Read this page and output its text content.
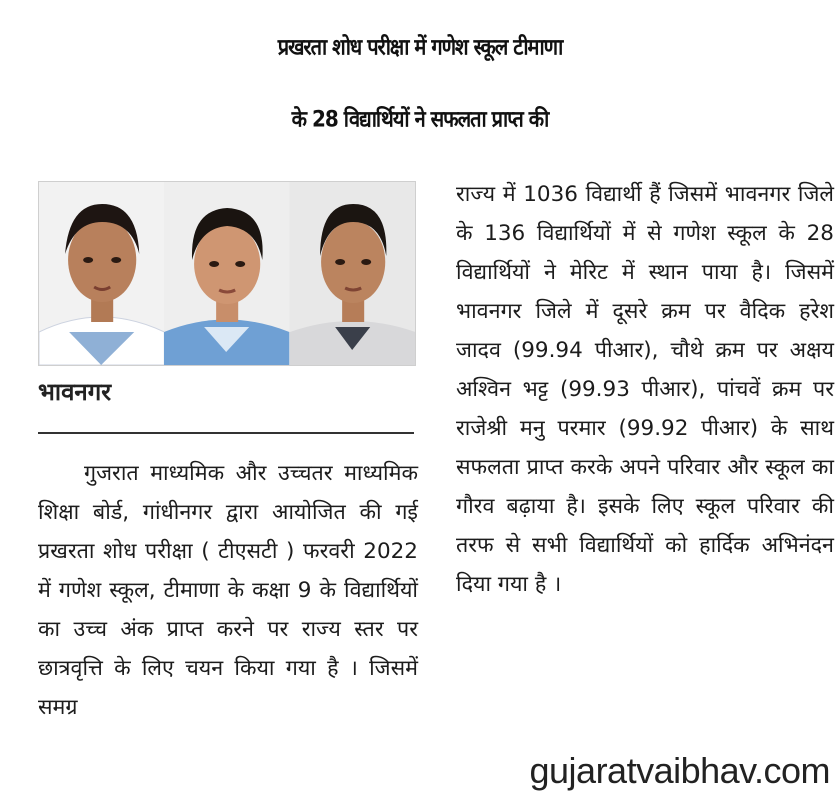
प्रखरता शोध परीक्षा में गणेश स्कूल टीमाणा
के 28 विद्यार्थियों ने सफलता प्राप्त की
भावनगर

गुजरात माध्यमिक और उच्चतर माध्यमिक शिक्षा बोर्ड, गांधीनगर द्वारा आयोजित की गई प्रखरता शोध परीक्षा ( टीएसटी ) फरवरी 2022 में गणेश स्कूल, टीमाणा के कक्षा 9 के विद्यार्थियों का उच्च अंक प्राप्त करने पर राज्य स्तर पर छात्रवृत्ति के लिए चयन किया गया है । जिसमें समग्र

राज्य में 1036 विद्यार्थी हैं जिसमें भावनगर जिले के 136 विद्यार्थियों में से गणेश स्कूल के 28 विद्यार्थियों ने मेरिट में स्थान पाया है। जिसमें भावनगर जिले में दूसरे क्रम पर वैदिक हरेश जादव (99.94 पीआर), चौथे क्रम पर अक्षय अश्विन भट्ट (99.93 पीआर), पांचवें क्रम पर राजेश्री मनु परमार (99.92 पीआर) के साथ सफलता प्राप्त करके अपने परिवार और स्कूल का गौरव बढ़ाया है। इसके लिए स्कूल परिवार की तरफ से सभी विद्यार्थियों को हार्दिक अभिनंदन दिया गया है ।

gujaratvaibhav.com
